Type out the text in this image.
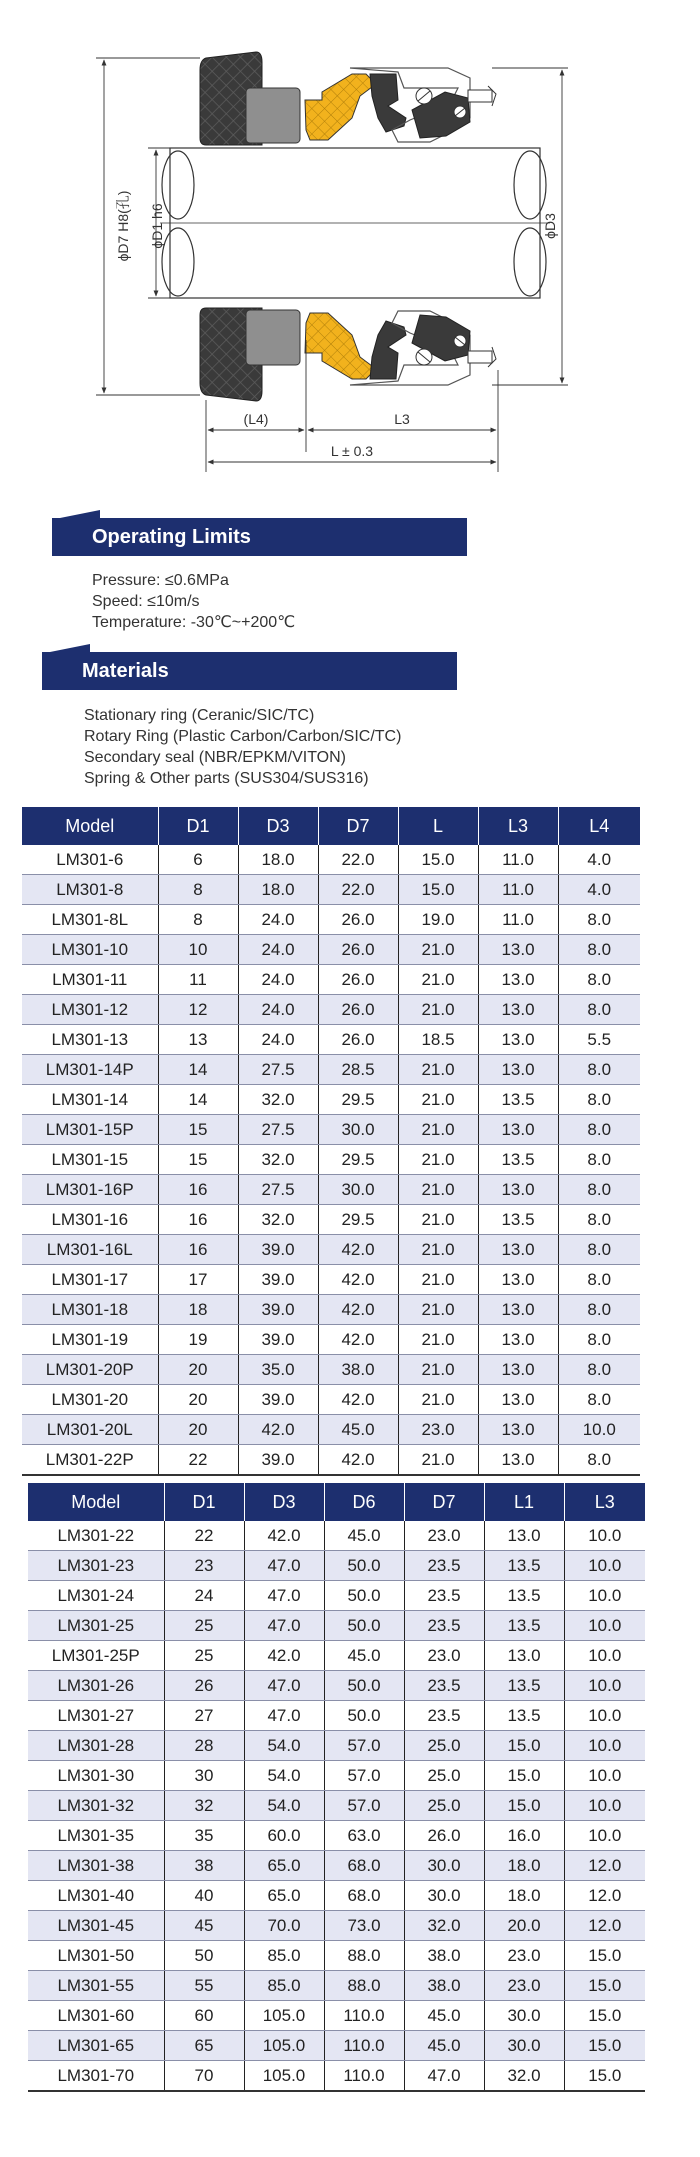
ϕD7 H8(孔) ϕD1 h6	ϕD3
(L4)	L3
L ± 0.3
Operating Limits
Pressure: ≤0.6MPa
Speed: ≤10m/s
Temperature: -30℃~+200℃
Materials
Stationary ring (Ceranic/SIC/TC)
Rotary Ring (Plastic Carbon/Carbon/SIC/TC)
Secondary seal (NBR/EPKM/VITON)
Spring & Other parts (SUS304/SUS316)
Model	D1	D3	D7	L	L3	L4
LM301-6	6	18.0	22.0	15.0	11.0	4.0
LM301-8	8	18.0	22.0	15.0	11.0	4.0
LM301-8L	8	24.0	26.0	19.0	11.0	8.0
LM301-10	10	24.0	26.0	21.0	13.0	8.0
LM301-11	11	24.0	26.0	21.0	13.0	8.0
LM301-12	12	24.0	26.0	21.0	13.0	8.0
LM301-13	13	24.0	26.0	18.5	13.0	5.5
LM301-14P	14	27.5	28.5	21.0	13.0	8.0
LM301-14	14	32.0	29.5	21.0	13.5	8.0
LM301-15P	15	27.5	30.0	21.0	13.0	8.0
LM301-15	15	32.0	29.5	21.0	13.5	8.0
LM301-16P	16	27.5	30.0	21.0	13.0	8.0
LM301-16	16	32.0	29.5	21.0	13.5	8.0
LM301-16L	16	39.0	42.0	21.0	13.0	8.0
LM301-17	17	39.0	42.0	21.0	13.0	8.0
LM301-18	18	39.0	42.0	21.0	13.0	8.0
LM301-19	19	39.0	42.0	21.0	13.0	8.0
LM301-20P	20	35.0	38.0	21.0	13.0	8.0
LM301-20	20	39.0	42.0	21.0	13.0	8.0
LM301-20L	20	42.0	45.0	23.0	13.0	10.0
LM301-22P	22	39.0	42.0	21.0	13.0	8.0
Model	D1	D3	D6	D7	L1	L3
LM301-22	22	42.0	45.0	23.0	13.0	10.0
LM301-23	23	47.0	50.0	23.5	13.5	10.0
LM301-24	24	47.0	50.0	23.5	13.5	10.0
LM301-25	25	47.0	50.0	23.5	13.5	10.0
LM301-25P	25	42.0	45.0	23.0	13.0	10.0
LM301-26	26	47.0	50.0	23.5	13.5	10.0
LM301-27	27	47.0	50.0	23.5	13.5	10.0
LM301-28	28	54.0	57.0	25.0	15.0	10.0
LM301-30	30	54.0	57.0	25.0	15.0	10.0
LM301-32	32	54.0	57.0	25.0	15.0	10.0
LM301-35	35	60.0	63.0	26.0	16.0	10.0
LM301-38	38	65.0	68.0	30.0	18.0	12.0
LM301-40	40	65.0	68.0	30.0	18.0	12.0
LM301-45	45	70.0	73.0	32.0	20.0	12.0
LM301-50	50	85.0	88.0	38.0	23.0	15.0
LM301-55	55	85.0	88.0	38.0	23.0	15.0
LM301-60	60	105.0	110.0	45.0	30.0	15.0
LM301-65	65	105.0	110.0	45.0	30.0	15.0
LM301-70	70	105.0	110.0	47.0	32.0	15.0
